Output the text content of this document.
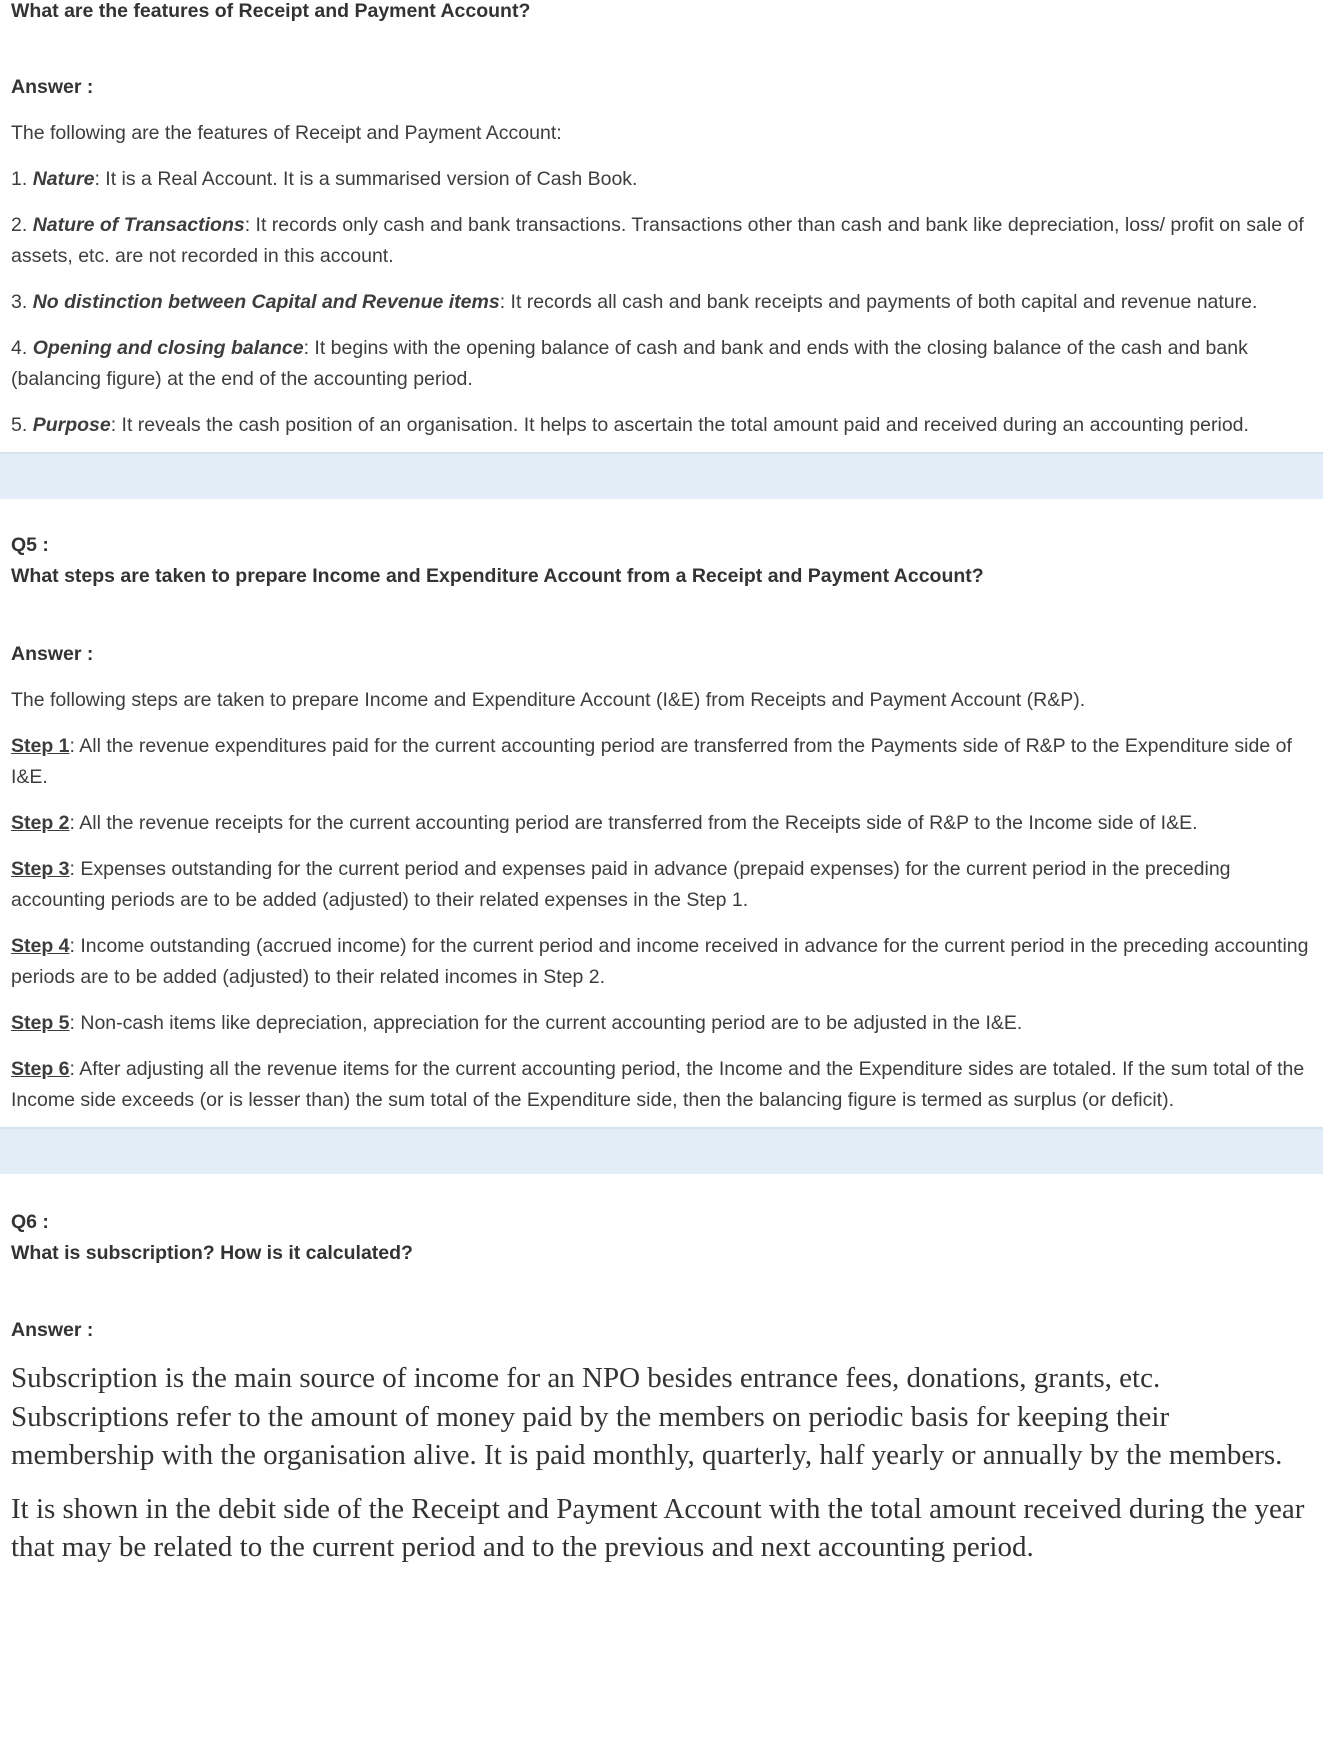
What are the features of Receipt and Payment Account?

Answer :

The following are the features of Receipt and Payment Account:

1. Nature: It is a Real Account. It is a summarised version of Cash Book.

2. Nature of Transactions: It records only cash and bank transactions. Transactions other than cash and bank like depreciation, loss/ profit on sale of assets, etc. are not recorded in this account.

3. No distinction between Capital and Revenue items: It records all cash and bank receipts and payments of both capital and revenue nature.

4. Opening and closing balance: It begins with the opening balance of cash and bank and ends with the closing balance of the cash and bank (balancing figure) at the end of the accounting period.

5. Purpose: It reveals the cash position of an organisation. It helps to ascertain the total amount paid and received during an accounting period.

Q5 :

What steps are taken to prepare Income and Expenditure Account from a Receipt and Payment Account?

Answer :

The following steps are taken to prepare Income and Expenditure Account (I&E) from Receipts and Payment Account (R&P).

Step 1: All the revenue expenditures paid for the current accounting period are transferred from the Payments side of R&P to the Expenditure side of I&E.

Step 2: All the revenue receipts for the current accounting period are transferred from the Receipts side of R&P to the Income side of I&E.

Step 3: Expenses outstanding for the current period and expenses paid in advance (prepaid expenses) for the current period in the preceding accounting periods are to be added (adjusted) to their related expenses in the Step 1.

Step 4: Income outstanding (accrued income) for the current period and income received in advance for the current period in the preceding accounting periods are to be added (adjusted) to their related incomes in Step 2.

Step 5: Non-cash items like depreciation, appreciation for the current accounting period are to be adjusted in the I&E.

Step 6: After adjusting all the revenue items for the current accounting period, the Income and the Expenditure sides are totaled. If the sum total of the Income side exceeds (or is lesser than) the sum total of the Expenditure side, then the balancing figure is termed as surplus (or deficit).

Q6 :

What is subscription? How is it calculated?

Answer :

Subscription is the main source of income for an NPO besides entrance fees, donations, grants, etc. Subscriptions refer to the amount of money paid by the members on periodic basis for keeping their membership with the organisation alive. It is paid monthly, quarterly, half yearly or annually by the members.

It is shown in the debit side of the Receipt and Payment Account with the total amount received during the year that may be related to the current period and to the previous and next accounting period.
